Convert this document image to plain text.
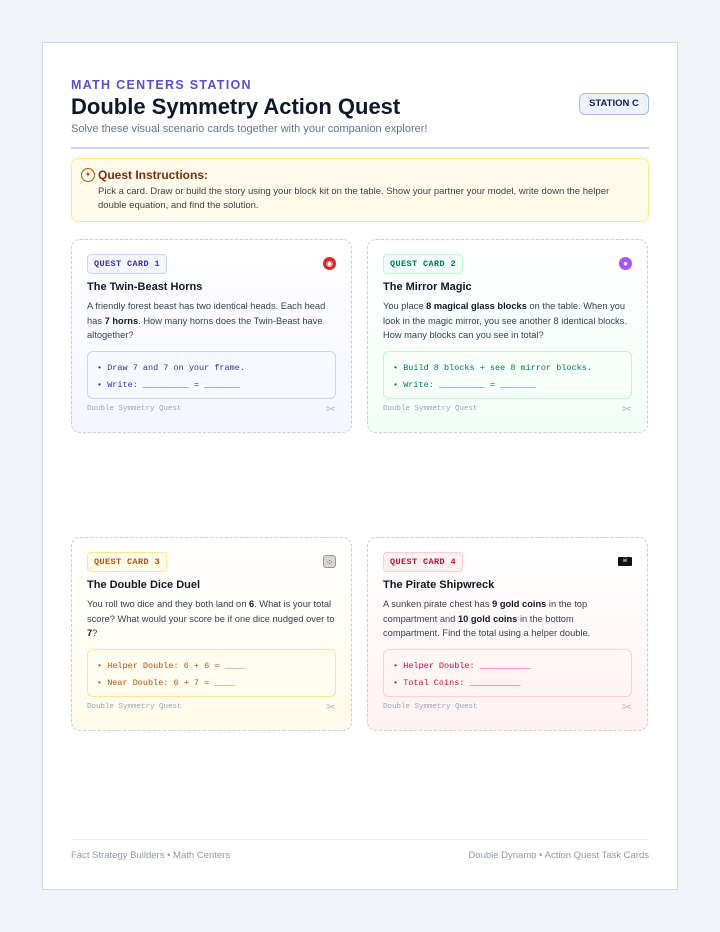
MATH CENTERS STATION
Double Symmetry Action Quest
Solve these visual scenario cards together with your companion explorer!
STATION C
✦ Quest Instructions:
Pick a card. Draw or build the story using your block kit on the table. Show your partner your model, write down the helper double equation, and find the solution.
QUEST CARD 1	◉
The Twin-Beast Horns
A friendly forest beast has two identical heads. Each head has 7 horns. How many horns does the Twin-Beast have altogether?
• Draw 7 and 7 on your frame.
• Write: _________ = _______
Double Symmetry Quest	✂
QUEST CARD 2	●
The Mirror Magic
You place 8 magical glass blocks on the table. When you look in the magic mirror, you see another 8 identical blocks. How many blocks can you see in total?
• Build 8 blocks + see 8 mirror blocks.
• Write: _________ = _______
Double Symmetry Quest	✂
QUEST CARD 3	⁘
The Double Dice Duel
You roll two dice and they both land on 6. What is your total score? What would your score be if one dice nudged over to 7?
• Helper Double: 6 + 6 = ____
• Near Double: 6 + 7 = ____
Double Symmetry Quest	✂
QUEST CARD 4	☠
The Pirate Shipwreck
A sunken pirate chest has 9 gold coins in the top compartment and 10 gold coins in the bottom compartment. Find the total using a helper double.
• Helper Double: __________
• Total Coins: __________
Double Symmetry Quest	✂
Fact Strategy Builders • Math Centers	Double Dynamo • Action Quest Task Cards
